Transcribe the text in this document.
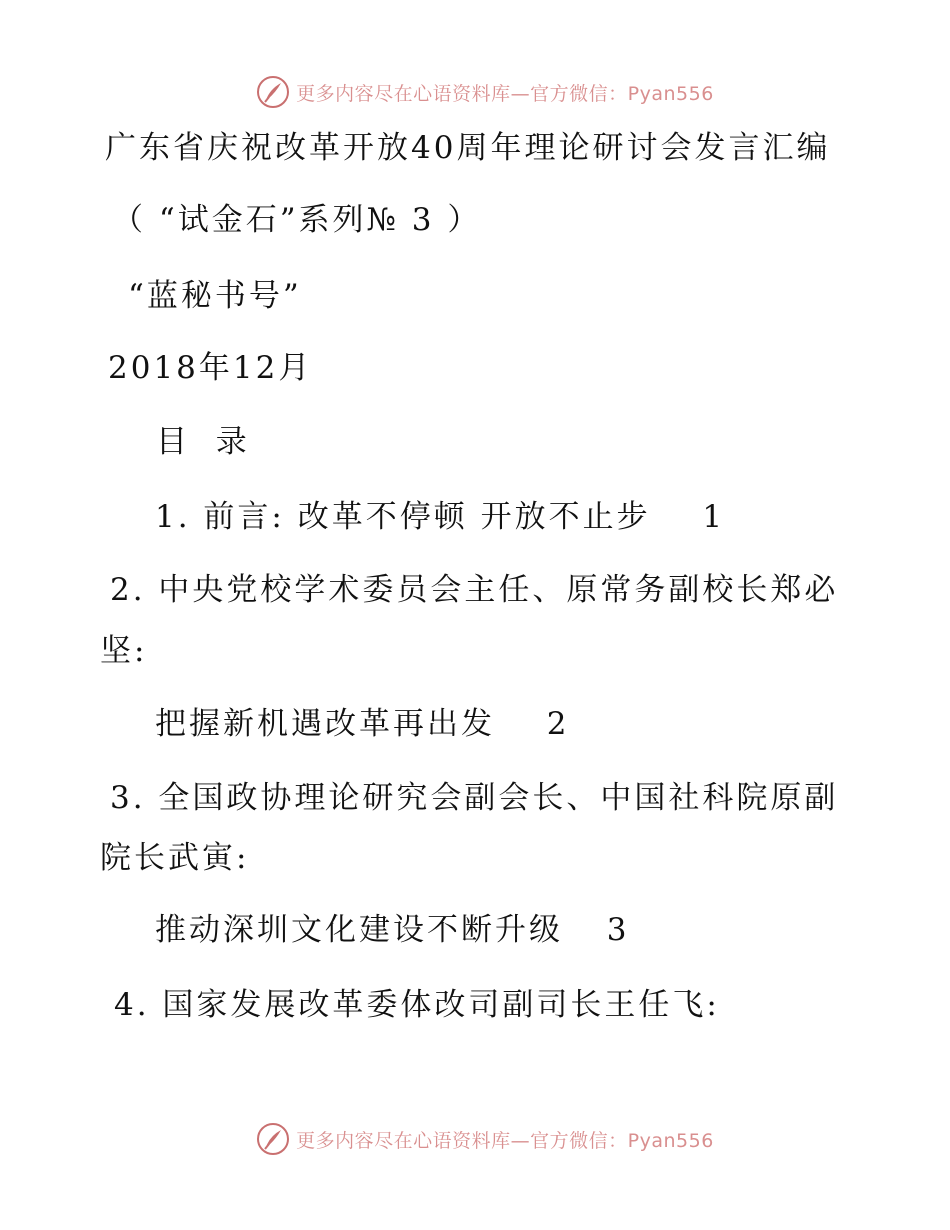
更多内容尽在心语资料库—官方微信：Pyan556
广东省庆祝改革开放40周年理论研讨会发言汇编
（ “试金石”系列№ 3 ）
“蓝秘书号”
2018年12月
目  录
1. 前言: 改革不停顿 开放不止步 1
2. 中央党校学术委员会主任、原常务副校长郑必
坚:
把握新机遇改革再出发 2
3. 全国政协理论研究会副会长、中国社科院原副
院长武寅:
推动深圳文化建设不断升级 3
4. 国家发展改革委体改司副司长王任飞:
更多内容尽在心语资料库—官方微信：Pyan556
